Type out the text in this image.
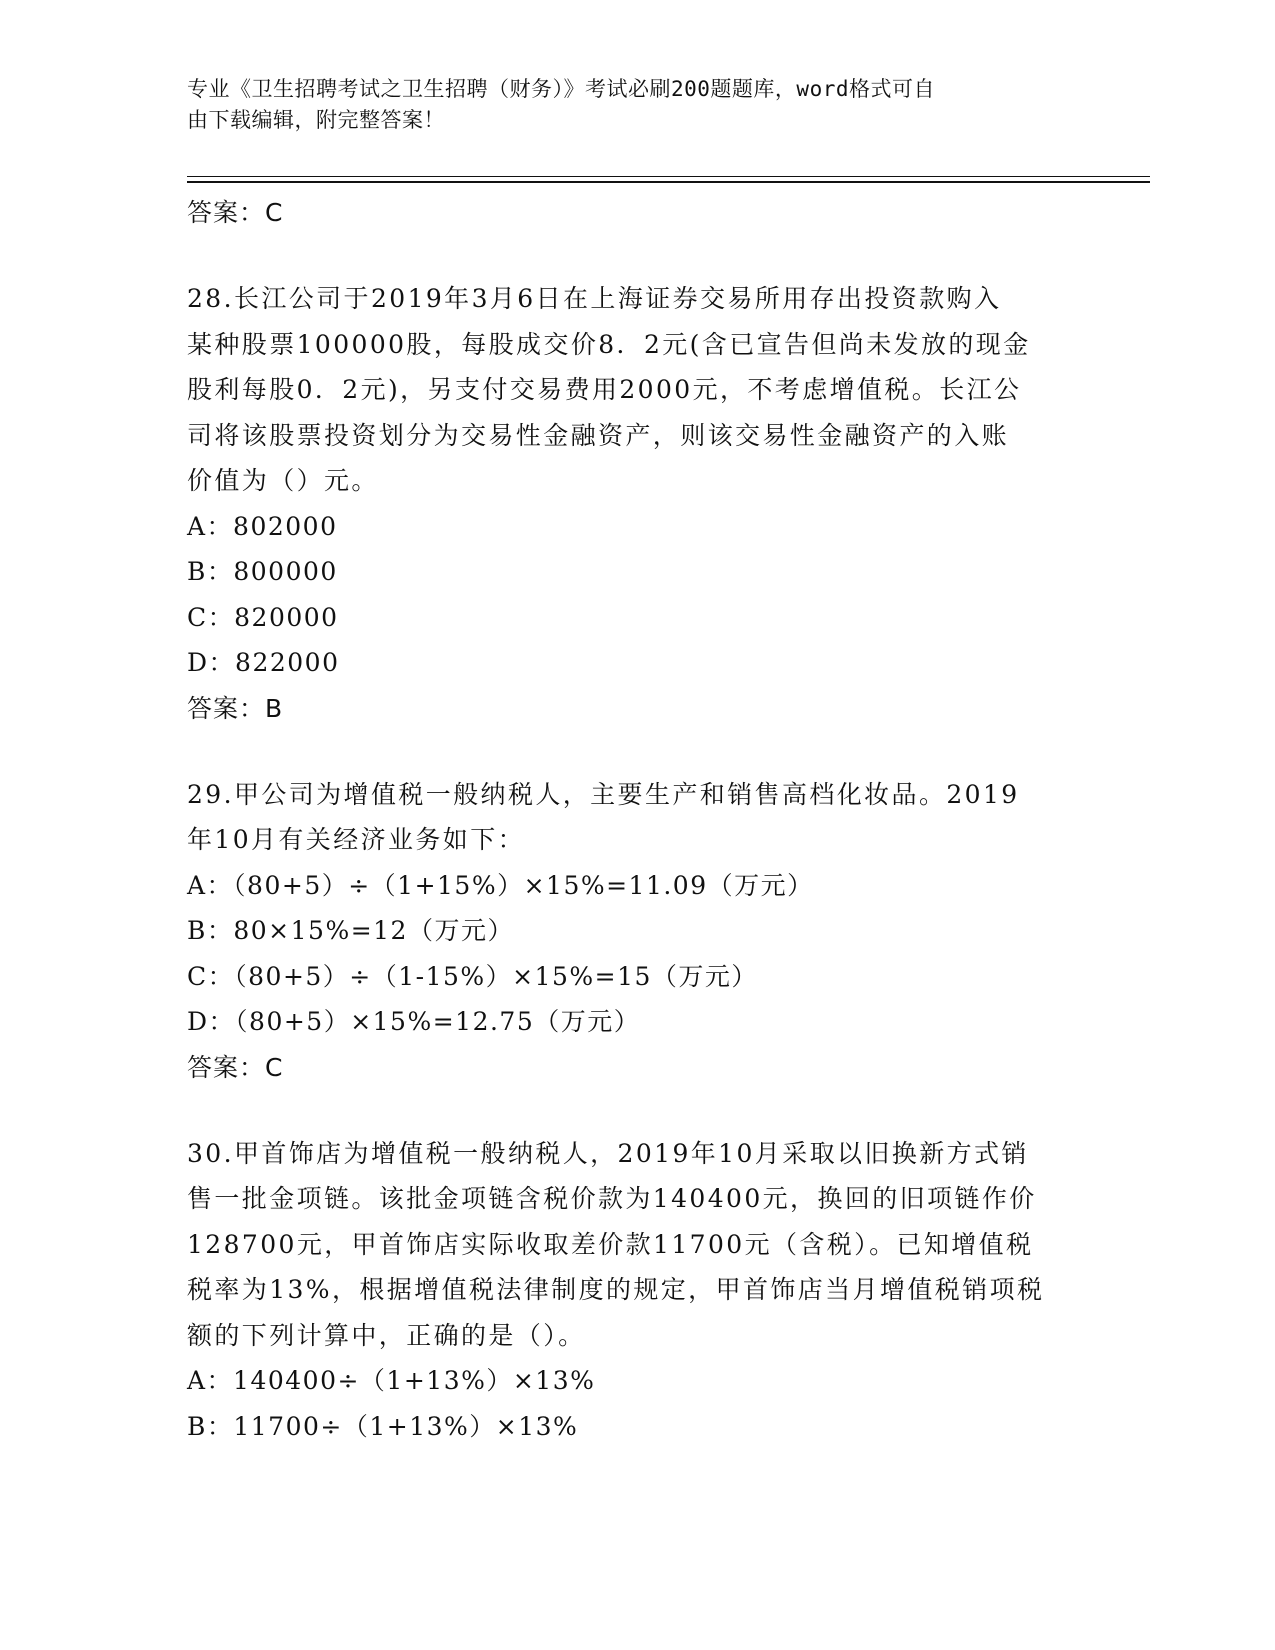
专业《卫生招聘考试之卫生招聘（财务）》考试必刷200题题库，word格式可自
由下载编辑，附完整答案！
答案：C
28.长江公司于2019年3月6日在上海证券交易所用存出投资款购入
某种股票100000股，每股成交价8．2元(含已宣告但尚未发放的现金
股利每股0．2元)，另支付交易费用2000元，不考虑增值税。长江公
司将该股票投资划分为交易性金融资产，则该交易性金融资产的入账
价值为（）元。
A：802000
B：800000
C：820000
D：822000
答案：B
29.甲公司为增值税一般纳税人，主要生产和销售高档化妆品。2019
年10月有关经济业务如下：
A：（80+5）÷（1+15%）×15%=11.09（万元）
B：80×15%=12（万元）
C：（80+5）÷（1-15%）×15%=15（万元）
D：（80+5）×15%=12.75（万元）
答案：C
30.甲首饰店为增值税一般纳税人，2019年10月采取以旧换新方式销
售一批金项链。该批金项链含税价款为140400元，换回的旧项链作价
128700元，甲首饰店实际收取差价款11700元（含税）。已知增值税
税率为13%，根据增值税法律制度的规定，甲首饰店当月增值税销项税
额的下列计算中，正确的是（）。
A：140400÷（1+13%）×13%
B：11700÷（1+13%）×13%
